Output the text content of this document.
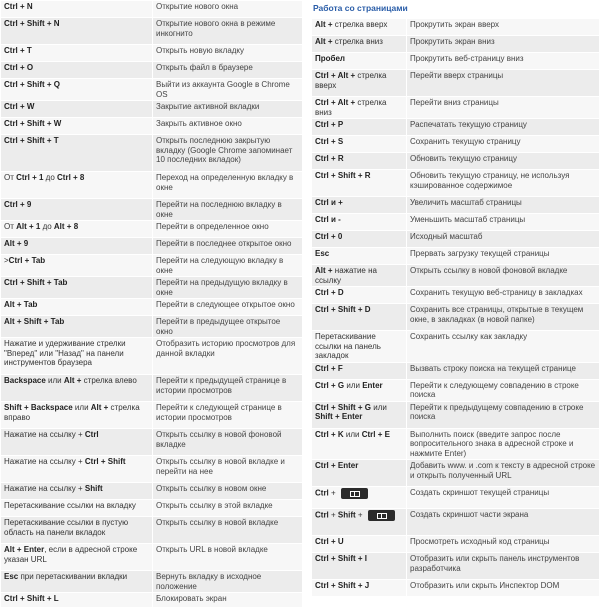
Ctrl + N	Открытие нового окна
Ctrl + Shift + N	Открытие нового окна в режиме инкогнито
Ctrl + T	Открыть новую вкладку
Ctrl + O	Открыть файл в браузере
Ctrl + Shift + Q	Выйти из аккаунта Google в Chrome OS
Ctrl + W	Закрытие активной вкладки
Ctrl + Shift + W	Закрыть активное окно
Ctrl + Shift + T	Открыть последнюю закрытую вкладку (Google Chrome запоминает 10 последних вкладок)
От Ctrl + 1 до Ctrl + 8	Переход на определенную вкладку в окне
Ctrl + 9	Перейти на последнюю вкладку в окне
От Alt + 1 до Alt + 8	Перейти в определенное окно
Alt + 9	Перейти в последнее открытое окно
>Ctrl + Tab	Перейти на следующую вкладку в окне
Ctrl + Shift + Tab	Перейти на предыдущую вкладку в окне
Alt + Tab	Перейти в следующее открытое окно
Alt + Shift + Tab	Перейти в предыдущее открытое окно
Нажатие и удерживание стрелки "Вперед" или "Назад" на панели инструментов браузера	Отобразить историю просмотров для данной вкладки
Backspace или Alt + стрелка влево	Перейти к предыдущей странице в истории просмотров
Shift + Backspace или Alt + стрелка вправо	Перейти к следующей странице в истории просмотров
Нажатие на ссылку + Ctrl	Открыть ссылку в новой фоновой вкладке
Нажатие на ссылку + Ctrl + Shift	Открыть ссылку в новой вкладке и перейти на нее
Нажатие на ссылку + Shift	Открыть ссылку в новом окне
Перетаскивание ссылки на вкладку	Открыть ссылку в этой вкладке
Перетаскивание ссылки в пустую область на панели вкладок	Открыть ссылку в новой вкладке
Alt + Enter, если в адресной строке указан URL	Открыть URL в новой вкладке
Esc при перетаскивании вкладки	Вернуть вкладку в исходное положение
Ctrl + Shift + L	Блокировать экран
Работа со страницами
Alt + стрелка вверх	Прокрутить экран вверх
Alt + стрелка вниз	Прокрутить экран вниз
Пробел	Прокрутить веб-страницу вниз
Ctrl + Alt + стрелка вверх	Перейти вверх страницы
Ctrl + Alt + стрелка вниз	Перейти вниз страницы
Ctrl + P	Распечатать текущую страницу
Ctrl + S	Сохранить текущую страницу
Ctrl + R	Обновить текущую страницу
Ctrl + Shift + R	Обновить текущую страницу, не используя кэшированное содержимое
Ctrl и +	Увеличить масштаб страницы
Ctrl и -	Уменьшить масштаб страницы
Ctrl + 0	Исходный масштаб
Esc	Прервать загрузку текущей страницы
Alt + нажатие на ссылку	Открыть ссылку в новой фоновой вкладке
Ctrl + D	Сохранить текущую веб-страницу в закладках
Ctrl + Shift + D	Сохранить все страницы, открытые в текущем окне, в закладках (в новой папке)
Перетаскивание ссылки на панель закладок	Сохранить ссылку как закладку
Ctrl + F	Вызвать строку поиска на текущей странице
Ctrl + G или Enter	Перейти к следующему совпадению в строке поиска
Ctrl + Shift + G или Shift + Enter	Перейти к предыдущему совпадению в строке поиска
Ctrl + K или Ctrl + E	Выполнить поиск (введите запрос после вопросительного знака в адресной строке и нажмите Enter)
Ctrl + Enter	Добавить www. и .com к тексту в адресной строке и открыть полученный URL
Ctrl +	Создать скриншот текущей страницы
Ctrl + Shift +	Создать скриншот части экрана
Ctrl + U	Просмотреть исходный код страницы
Ctrl + Shift + I	Отобразить или скрыть панель инструментов разработчика
Ctrl + Shift + J	Отобразить или скрыть Инспектор DOM
